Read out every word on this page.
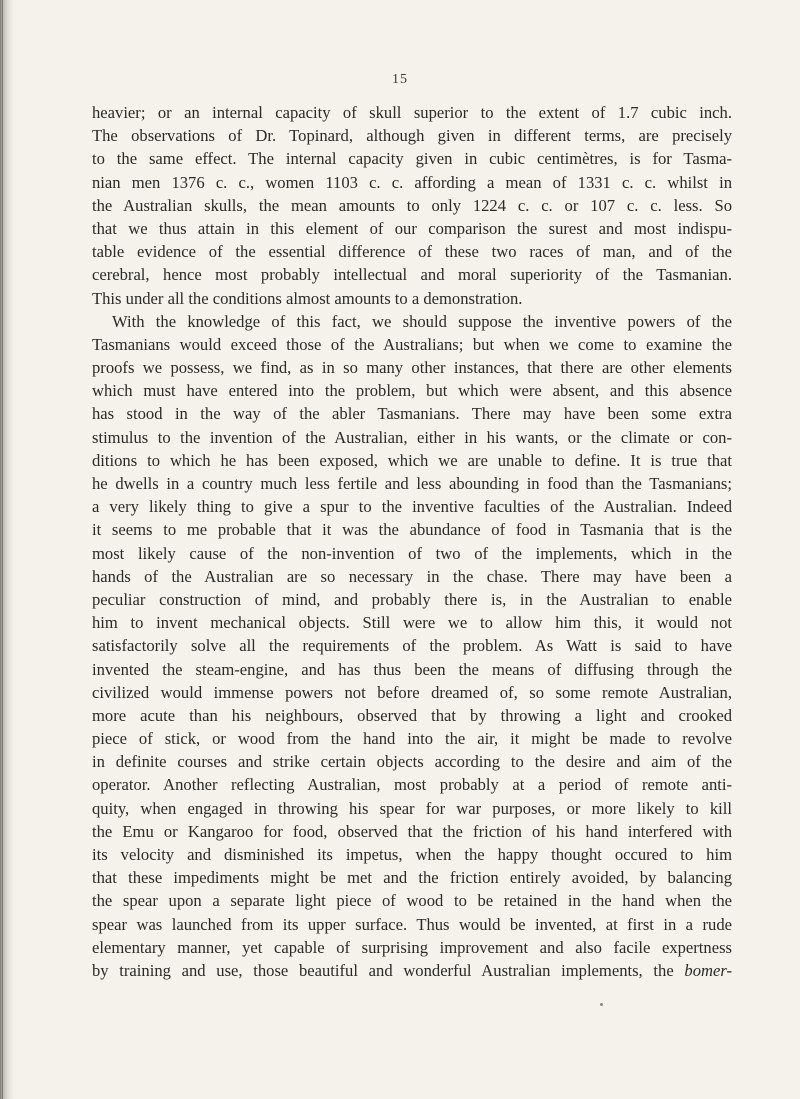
15
heavier; or an internal capacity of skull superior to the extent of 1.7 cubic inch.
The observations of Dr. Topinard, although given in different terms, are precisely
to the same effect. The internal capacity given in cubic centimètres, is for Tasma-
nian men 1376 c. c., women 1103 c. c. affording a mean of 1331 c. c. whilst in
the Australian skulls, the mean amounts to only 1224 c. c. or 107 c. c. less. So
that we thus attain in this element of our comparison the surest and most indispu-
table evidence of the essential difference of these two races of man, and of the
cerebral, hence most probably intellectual and moral superiority of the Tasmanian.
This under all the conditions almost amounts to a demonstration.
With the knowledge of this fact, we should suppose the inventive powers of the
Tasmanians would exceed those of the Australians; but when we come to examine the
proofs we possess, we find, as in so many other instances, that there are other elements
which must have entered into the problem, but which were absent, and this absence
has stood in the way of the abler Tasmanians. There may have been some extra
stimulus to the invention of the Australian, either in his wants, or the climate or con-
ditions to which he has been exposed, which we are unable to define. It is true that
he dwells in a country much less fertile and less abounding in food than the Tasmanians;
a very likely thing to give a spur to the inventive faculties of the Australian. Indeed
it seems to me probable that it was the abundance of food in Tasmania that is the
most likely cause of the non-invention of two of the implements, which in the
hands of the Australian are so necessary in the chase. There may have been a
peculiar construction of mind, and probably there is, in the Australian to enable
him to invent mechanical objects. Still were we to allow him this, it would not
satisfactorily solve all the requirements of the problem. As Watt is said to have
invented the steam-engine, and has thus been the means of diffusing through the
civilized would immense powers not before dreamed of, so some remote Australian,
more acute than his neighbours, observed that by throwing a light and crooked
piece of stick, or wood from the hand into the air, it might be made to revolve
in definite courses and strike certain objects according to the desire and aim of the
operator. Another reflecting Australian, most probably at a period of remote anti-
quity, when engaged in throwing his spear for war purposes, or more likely to kill
the Emu or Kangaroo for food, observed that the friction of his hand interfered with
its velocity and disminished its impetus, when the happy thought occured to him
that these impediments might be met and the friction entirely avoided, by balancing
the spear upon a separate light piece of wood to be retained in the hand when the
spear was launched from its upper surface. Thus would be invented, at first in a rude
elementary manner, yet capable of surprising improvement and also facile expertness
by training and use, those beautiful and wonderful Australian implements, the bomer-
